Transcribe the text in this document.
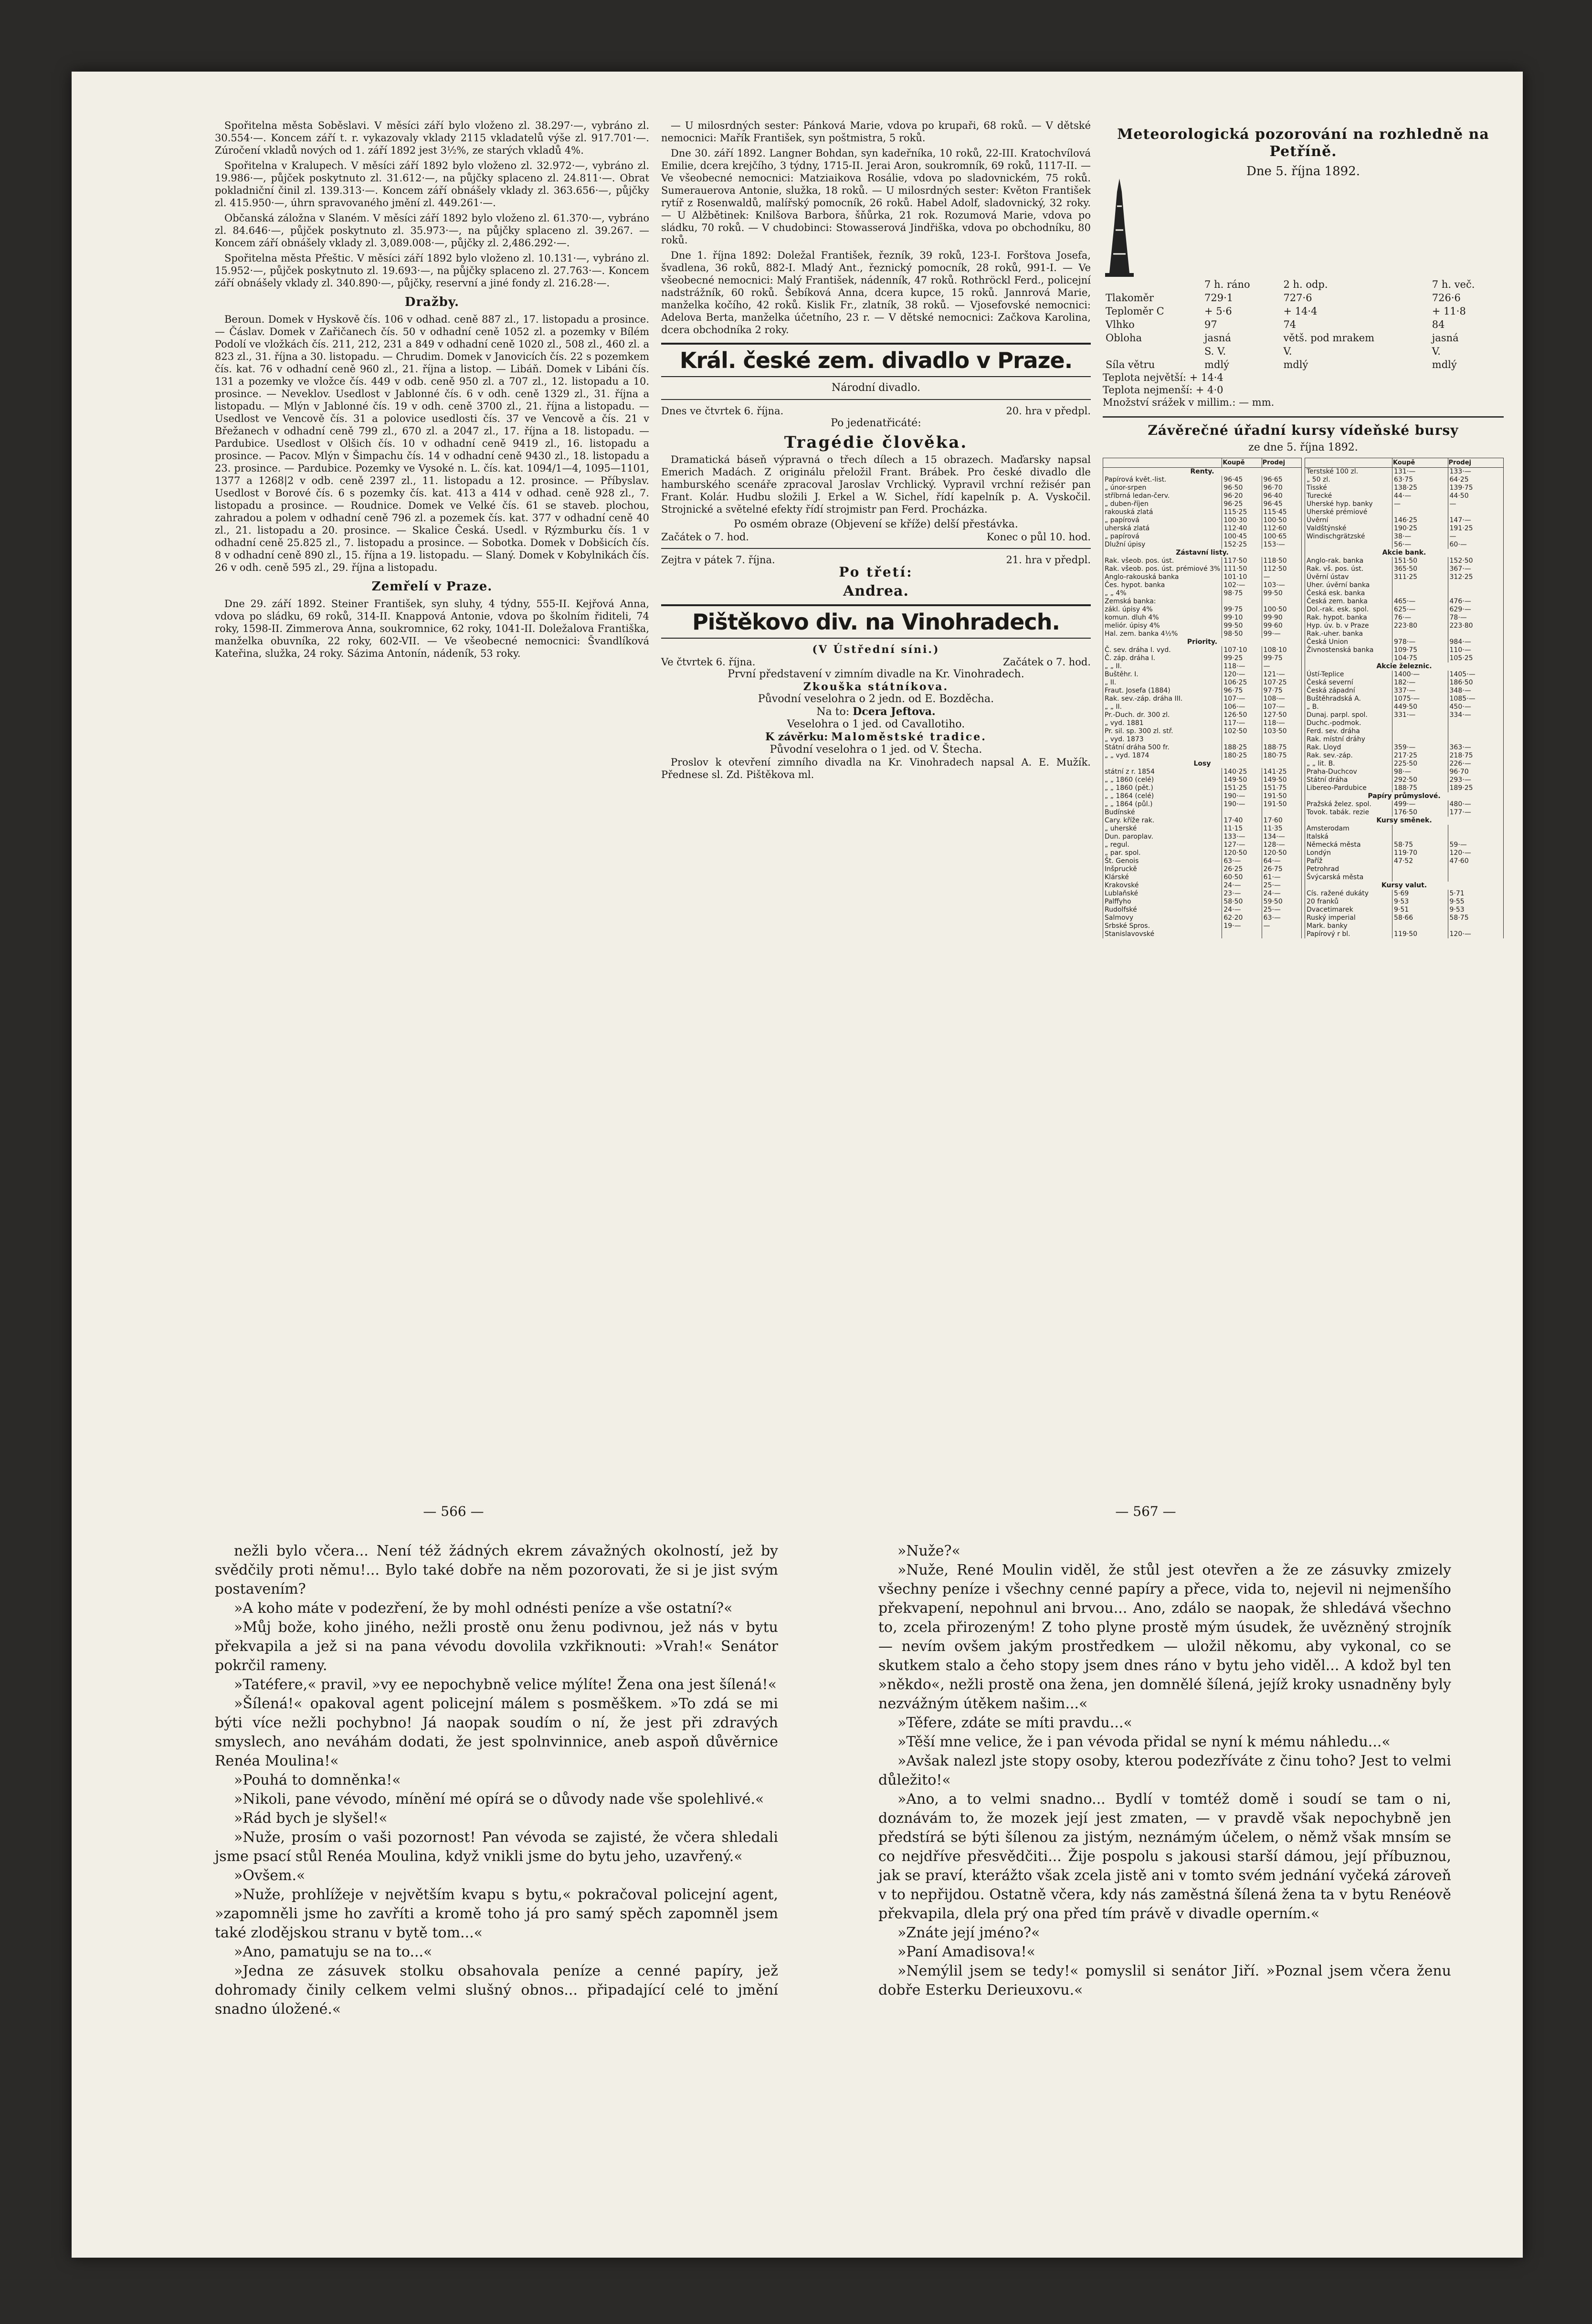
Spořitelna města Soběslavi. V měsíci září bylo vloženo zl. 38.297·—, vybráno zl. 30.554·—. Koncem září t. r. vykazovaly vklady 2115 vkladatelů výše zl. 917.701·—. Zúročení vkladů nových od 1. září 1892 jest 3½%, ze starých vkladů 4%.

Spořitelna v Kralupech. V měsíci září 1892 bylo vloženo zl. 32.972·—, vybráno zl. 19.986·—, půjček poskytnuto zl. 31.612·—, na půjčky splaceno zl. 24.811·—. Obrat pokladniční činil zl. 139.313·—. Koncem září obnášely vklady zl. 363.656·—, půjčky zl. 415.950·—, úhrn spravovaného jmění zl. 449.261·—.

Občanská záložna v Slaném. V měsíci září 1892 bylo vloženo zl. 61.370·—, vybráno zl. 84.646·—, půjček poskytnuto zl. 35.973·—, na půjčky splaceno zl. 39.267. — Koncem září obnášely vklady zl. 3,089.008·—, půjčky zl. 2,486.292·—.

Spořitelna města Přeštic. V měsíci září 1892 bylo vloženo zl. 10.131·—, vybráno zl. 15.952·—, půjček poskytnuto zl. 19.693·—, na půjčky splaceno zl. 27.763·—. Koncem září obnášely vklady zl. 340.890·—, půjčky, reservní a jiné fondy zl. 216.28·—.

Dražby.

Beroun. Domek v Hyskově čís. 106 v odhad. ceně 887 zl., 17. listopadu a prosince. — Čáslav. Domek v Zařičanech čís. 50 v odhadní ceně 1052 zl. a pozemky v Bílém Podolí ve vložkách čís. 211, 212, 231 a 849 v odhadní ceně 1020 zl., 508 zl., 460 zl. a 823 zl., 31. října a 30. listopadu. — Chrudim. Domek v Janovicích čís. 22 s pozemkem čís. kat. 76 v odhadní ceně 960 zl., 21. října a listop. — Libáň. Domek v Libáni čís. 131 a pozemky ve vložce čís. 449 v odb. ceně 950 zl. a 707 zl., 12. listopadu a 10. prosince. — Neveklov. Usedlost v Jablonné čís. 6 v odh. ceně 1329 zl., 31. října a listopadu. — Mlýn v Jablonné čís. 19 v odh. ceně 3700 zl., 21. října a listopadu. — Usedlost ve Vencově čís. 31 a polovice usedlosti čís. 37 ve Vencově a čís. 21 v Břežanech v odhadní ceně 799 zl., 670 zl. a 2047 zl., 17. října a 18. listopadu. — Pardubice. Usedlost v Olšich čís. 10 v odhadní ceně 9419 zl., 16. listopadu a prosince. — Pacov. Mlýn v Šimpachu čís. 14 v odhadní ceně 9430 zl., 18. listopadu a 23. prosince. — Pardubice. Pozemky ve Vysoké n. L. čís. kat. 1094/1—4, 1095—1101, 1377 a 1268|2 v odb. ceně 2397 zl., 11. listopadu a 12. prosince. — Příbyslav. Usedlost v Borové čís. 6 s pozemky čís. kat. 413 a 414 v odhad. ceně 928 zl., 7. listopadu a prosince. — Roudnice. Domek ve Velké čís. 61 se staveb. plochou, zahradou a polem v odhadní ceně 796 zl. a pozemek čís. kat. 377 v odhadní ceně 40 zl., 21. listopadu a 20. prosince. — Skalice Česká. Usedl. v Rýzmburku čís. 1 v odhadní ceně 25.825 zl., 7. listopadu a prosince. — Sobotka. Domek v Dobšicích čís. 8 v odhadní ceně 890 zl., 15. října a 19. listopadu. — Slaný. Domek v Kobylnikách čís. 26 v odh. ceně 595 zl., 29. října a listopadu.

Zemřelí v Praze.

Dne 29. září 1892. Steiner František, syn sluhy, 4 týdny, 555-II. Kejřová Anna, vdova po sládku, 69 roků, 314-II. Knappová Antonie, vdova po školním řiditeli, 74 roky, 1598-II. Zimmerova Anna, soukromnice, 62 roky, 1041-II. Doležalova Františka, manželka obuvníka, 22 roky, 602-VII. — Ve všeobecné nemocnici: Švandlíková Kateřina, služka, 24 roky. Sázima Antonín, nádeník, 53 roky.

— U milosrdných sester: Pánková Marie, vdova po krupaři, 68 roků. — V dětské nemocnici: Mařík František, syn poštmistra, 5 roků.

Dne 30. září 1892. Langner Bohdan, syn kadeřníka, 10 roků, 22-III. Kratochvílová Emilie, dcera krejčího, 3 týdny, 1715-II. Jerai Aron, soukromník, 69 roků, 1117-II. — Ve všeobecné nemocnici: Matziaikova Rosálie, vdova po sladovnickém, 75 roků. Sumerauerova Antonie, služka, 18 roků. — U milosrdných sester: Květon František rytíř z Rosenwaldů, malířský pomocník, 26 roků. Habel Adolf, sladovnický, 32 roky. — U Alžbětinek: Knilšova Barbora, šňůrka, 21 rok. Rozumová Marie, vdova po sládku, 70 roků. — V chudobinci: Stowasserová Jindřiška, vdova po obchodníku, 80 roků.

Dne 1. října 1892: Doležal František, řezník, 39 roků, 123-I. Forštova Josefa, švadlena, 36 roků, 882-I. Mladý Ant., řeznický pomocník, 28 roků, 991-I. — Ve všeobecné nemocnici: Malý František, nádenník, 47 roků. Rothröckl Ferd., policejní nadstrážník, 60 roků. Šebíková Anna, dcera kupce, 15 roků. Jannrová Marie, manželka kočího, 42 roků. Kislik Fr., zlatník, 38 roků. — Vjosefovské nemocnici: Adelova Berta, manželka účetního, 23 r. — V dětské nemocnici: Začkova Karolina, dcera obchodníka 2 roky.

Král. české zem. divadlo v Praze.
Národní divadlo.
Dnes ve čtvrtek 6. října.	20. hra v předpl.
Po jedenatřicáté:
Tragédie člověka.

Dramatická báseň výpravná o třech dílech a 15 obrazech. Maďarsky napsal Emerich Madách. Z originálu přeložil Frant. Brábek. Pro české divadlo dle hamburského scenáře zpracoval Jaroslav Vrchlický. Vypravil vrchní režisér pan Frant. Kolár. Hudbu složili J. Erkel a W. Sichel, řídí kapelník p. A. Vyskočil. Strojnické a světelné efekty řídí strojmistr pan Ferd. Procházka.

Po osmém obraze (Objevení se kříže) delší přestávka.
Začátek o 7. hod.	Konec o půl 10. hod.
Zejtra v pátek 7. října.	21. hra v předpl.
Po třetí:
Andrea.
Pištěkovo div. na Vinohradech.
(V Ústřední síni.)
Ve čtvrtek 6. října.	Začátek o 7. hod.
První představení v zimním divadle na Kr. Vinohradech.
Zkouška státníkova.
Původní veselohra o 2 jedn. od E. Bozděcha.
Na to: Dcera Jeftova.
Veselohra o 1 jed. od Cavallotiho.
K závěrku: Maloměstské tradice.
Původní veselohra o 1 jed. od V. Štecha.

Proslov k otevření zimního divadla na Kr. Vinohradech napsal A. E. Mužík. Přednese sl. Zd. Pištěkova ml.

Meteorologická pozorování na rozhledně na Petříně.
Dne 5. října 1892.
	7 h. ráno	2 h. odp.	7 h. več.
Tlakoměr	729·1	727·6	726·6
Teploměr C	+ 5·6	+ 14·4	+ 11·8
Vlhko	97	74	84
Obloha	jasná	větš. pod mrakem	jasná
	S. V.	V.	V.
Síla větru	mdlý	mdlý	mdlý
Teplota největší: + 14·4
Teplota nejmenší: + 4·0
Množství srážek v millim.: — mm.
Závěrečné úřadní kursy vídeňské bursy
ze dne 5. října 1892.
	Koupě	Prodej
Renty.		
Papírová květ.-list.	96·45	96·65
„ únor-srpen	96·50	96·70
stříbrná ledan-červ.	96·20	96·40
„ duben-říjen	96·25	96·45
rakouská zlatá	115·25	115·45
„ papírová	100·30	100·50
uherská zlatá	112·40	112·60
„ papírová	100·45	100·65
Dlužní úpisy	152·25	153·—
Zástavní listy.		
Rak. všeob. pos. úst.	117·50	118·50
Rak. všeob. pos. úst. prémiové 3%	111·50	112·50
Anglo-rakouská banka	101·10	—
Čes. hypot. banka	102·—	103·—
„ „ 4%	98·75	99·50
Zemská banka:		
zákl. úpisy 4%	99·75	100·50
komun. dluh 4%	99·10	99·90
meliór. úpisy 4%	99·50	99·60
Hal. zem. banka 4½%	98·50	99·—
Priority.		
Č. sev. dráha I. vyd.	107·10	108·10
Č. záp. dráha I.	99·25	99·75
„ „ II.	118·—	—
Buštěhr. I.	120·—	121·—
„ II.	106·25	107·25
Fraut. Josefa (1884)	96·75	97·75
Rak. sev.-záp. dráha III.	107·—	108·—
„ „ II.	106·—	107·—
Pr.-Duch. dr. 300 zl.	126·50	127·50
„ vyd. 1881	117·—	118·—
Pr. sil. sp. 300 zl. stř.	102·50	103·50
„ vyd. 1873		
Státní dráha 500 fr.	188·25	188·75
„ „ vyd. 1874	180·25	180·75
Losy		
státní z r. 1854	140·25	141·25
„ „ 1860 (celé)	149·50	149·50
„ „ 1860 (pět.)	151·25	151·75
„ „ 1864 (celé)	190·—	191·50
„ „ 1864 (půl.)	190·—	191·50
Budínské		
Cary. kříže rak.	17·40	17·60
„ uherské	11·15	11·35
Dun. paroplav.	133·—	134·—
„ regul.	127·—	128·—
„ par. spol.	120·50	120·50
Št. Genois	63·—	64·—
Inšpruckě	26·25	26·75
Klárské	60·50	61·—
Krakovské	24·—	25·—
Lublaňské	23·—	24·—
Palffyho	58·50	59·50
Rudolfské	24·—	25·—
Salmovy	62·20	63·—
Srbské Spros.	19·—	—
Stanislavovské		
	Koupě	Prodej
Terstské 100 zl.	131·—	133·—
„ 50 zl.	63·75	64·25
Tisské	138·25	139·75
Turecké	44·—	44·50
Uherské hyp. banky	—	—
Uherské prémiové		
Úvěrní	146·25	147·—
Valdštýnské	190·25	191·25
Windischgrätzské	38·—	—
	56·—	60·—
Akcie bank.		
Anglo-rak. banka	151·50	152·50
Rak. vš. pos. úst.	365·50	367·—
Úvěrní ústav	311·25	312·25
Uher. úvěrní banka		
Česká esk. banka		
Česká zem. banka	465·—	476·—
Dol.-rak. esk. spol.	625·—	629·—
Rak. hypot. banka	76·—	78·—
Hyp. úv. b. v Praze	223·80	223·80
Rak.-uher. banka		
Česká Union	978·—	984·—
Živnostenská banka	109·75	110·—
	104·75	105·25
Akcie železnic.		
Ústí-Teplice	1400·—	1405·—
Česká severní	182·—	186·50
Česká západní	337·—	348·—
Buštěhradská A.	1075·—	1085·—
„ B.	449·50	450·—
Dunaj. parpl. spol.	331·—	334·—
Duchc.-podmok.		
Ferd. sev. dráha		
Rak. místní dráhy		
Rak. Lloyd	359·—	363·—
Rak. sev.-záp.	217·25	218·75
„ „ lit. B.	225·50	226·—
Praha-Duchcov	98·—	96·70
Státní dráha	292·50	293·—
Libereo-Pardubice	188·75	189·25
Papíry průmyslové.		
Pražská želez. spol.	499·—	480·—
Tovok. tabák. rezie	176·50	177·—
Kursy směnek.		
Amsterodam		
Italská		
Německá města	58·75	59·—
Londýn	119·70	120·—
Paříž	47·52	47·60
Petrohrad		
Švýcarská města		
Kursy valut.		
Cís. ražené dukáty	5·69	5·71
20 franků	9·53	9·55
Dvacetimarek	9·51	9·53
Ruský imperial	58·66	58·75
Mark. banky		
Papírový r bl.	119·50	120·—
— 566 —	— 567 —

nežli bylo včera... Není též žádných ekrem závažných okolností, jež by svědčily proti němu!... Bylo také dobře na něm pozorovati, že si je jist svým postavením?

»A koho máte v podezření, že by mohl odnésti peníze a vše ostatní?«

»Můj bože, koho jiného, nežli prostě onu ženu podivnou, jež nás v bytu překvapila a jež si na pana vévodu dovolila vzkřiknouti: »Vrah!« Senátor pokrčil rameny.

»Tatéfere,« pravil, »vy ee nepochybně velice mýlíte! Žena ona jest šílená!«

»Šílená!« opakoval agent policejní málem s posměškem. »To zdá se mi býti více nežli pochybno! Já naopak soudím o ní, že jest při zdravých smyslech, ano neváhám dodati, že jest spolnvinnice, aneb aspoň důvěrnice Renéa Moulina!«

»Pouhá to domněnka!«

»Nikoli, pane vévodo, mínění mé opírá se o důvody nade vše spolehlivé.«

»Rád bych je slyšel!«

»Nuže, prosím o vaši pozornost! Pan vévoda se zajisté, že včera shledali jsme psací stůl Renéa Moulina, když vnikli jsme do bytu jeho, uzavřený.«

»Ovšem.«

»Nuže, prohlížeje v největším kvapu s bytu,« pokračoval policejní agent, »zapomněli jsme ho zavříti a kromě toho já pro samý spěch zapomněl jsem také zlodějskou stranu v bytě tom...«

»Ano, pamatuju se na to...«

»Jedna ze zásuvek stolku obsahovala peníze a cenné papíry, jež dohromady činily celkem velmi slušný obnos... připadající celé to jmění snadno úložené.«

»Nuže?«

»Nuže, René Moulin viděl, že stůl jest otevřen a že ze zásuvky zmizely všechny peníze i všechny cenné papíry a přece, vida to, nejevil ni nejmenšího překvapení, nepohnul ani brvou... Ano, zdálo se naopak, že shledává všechno to, zcela přirozeným! Z toho plyne prostě mým úsudek, že uvězněný strojník — nevím ovšem jakým prostředkem — uložil někomu, aby vykonal, co se skutkem stalo a čeho stopy jsem dnes ráno v bytu jeho viděl... A kdož byl ten »někdo«, nežli prostě ona žena, jen domnělé šílená, jejíž kroky usnadněny byly nezvážným útěkem našim...«

»Těfere, zdáte se míti pravdu...«

»Těší mne velice, že i pan vévoda přidal se nyní k mému náhledu...«

»Avšak nalezl jste stopy osoby, kterou podezříváte z činu toho? Jest to velmi důležito!«

»Ano, a to velmi snadno... Bydlí v tomtéž domě i soudí se tam o ni, doznávám to, že mozek její jest zmaten, — v pravdě však nepochybně jen předstírá se býti šílenou za jistým, neznámým účelem, o němž však mnsím se co nejdříve přesvědčiti... Žije pospolu s jakousi starší dámou, její příbuznou, jak se praví, kterážto však zcela jistě ani v tomto svém jednání vyčeká zároveň v to nepřijdou. Ostatně včera, kdy nás zaměstná šílená žena ta v bytu Renéově překvapila, dlela prý ona před tím právě v divadle operním.«

»Znáte její jméno?«

»Paní Amadisova!«

»Nemýlil jsem se tedy!« pomyslil si senátor Jiří. »Poznal jsem včera ženu dobře Esterku Derieuxovu.«
